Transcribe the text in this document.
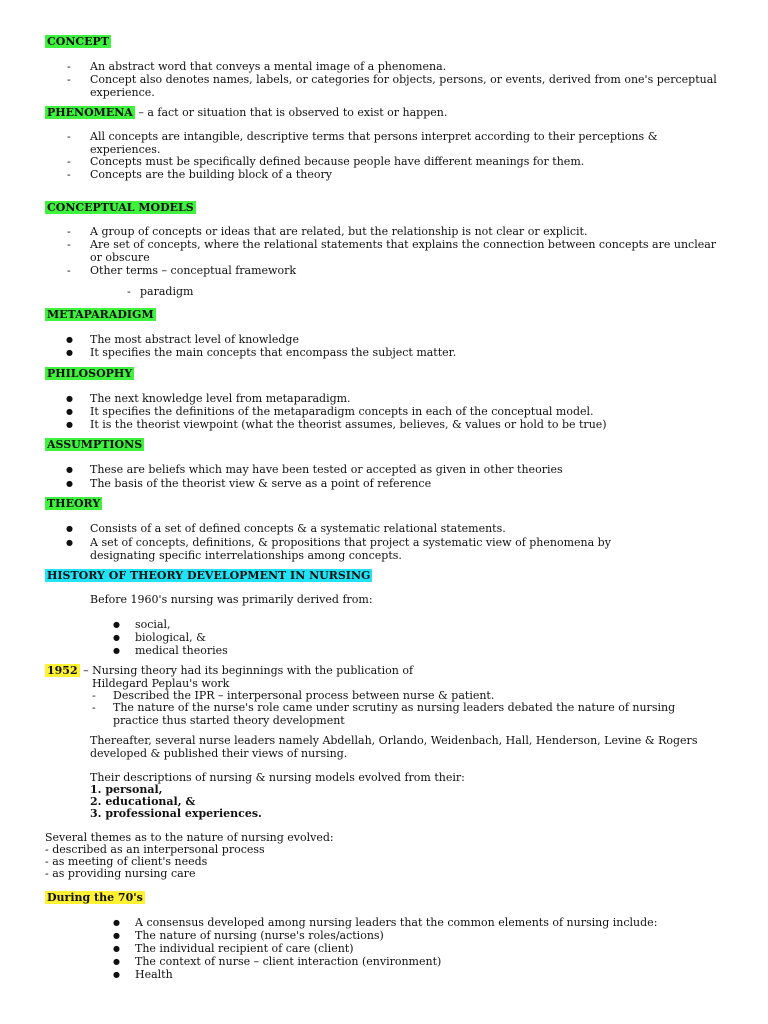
CONCEPT
- An abstract word that conveys a mental image of a phenomena.
- Concept also denotes names, labels, or categories for objects, persons, or events, derived from one's perceptual experience.
PHENOMENA – a fact or situation that is observed to exist or happen.
- All concepts are intangible, descriptive terms that persons interpret according to their perceptions & experiences.
- Concepts must be specifically defined because people have different meanings for them.
- Concepts are the building block of a theory
CONCEPTUAL MODELS
- A group of concepts or ideas that are related, but the relationship is not clear or explicit.
- Are set of concepts, where the relational statements that explains the connection between concepts are unclear or obscure
- Other terms – conceptual framework
- paradigm
METAPARADIGM
● The most abstract level of knowledge
● It specifies the main concepts that encompass the subject matter.
PHILOSOPHY
● The next knowledge level from metaparadigm.
● It specifies the definitions of the metaparadigm concepts in each of the conceptual model.
● It is the theorist viewpoint (what the theorist assumes, believes, & values or hold to be true)
ASSUMPTIONS
● These are beliefs which may have been tested or accepted as given in other theories
● The basis of the theorist view & serve as a point of reference
THEORY
● Consists of a set of defined concepts & a systematic relational statements.
● A set of concepts, definitions, & propositions that project a systematic view of phenomena by designating specific interrelationships among concepts.
HISTORY OF THEORY DEVELOPMENT IN NURSING
Before 1960's nursing was primarily derived from:
● social,
● biological, &
● medical theories
1952 – Nursing theory had its beginnings with the publication of
Hildegard Peplau's work
- Described the IPR – interpersonal process between nurse & patient.
- The nature of the nurse's role came under scrutiny as nursing leaders debated the nature of nursing practice thus started theory development
Thereafter, several nurse leaders namely Abdellah, Orlando, Weidenbach, Hall, Henderson, Levine & Rogers developed & published their views of nursing.
Their descriptions of nursing & nursing models evolved from their:
1. personal,
2. educational, &
3. professional experiences.
Several themes as to the nature of nursing evolved:
- described as an interpersonal process
- as meeting of client's needs
- as providing nursing care
During the 70's
● A consensus developed among nursing leaders that the common elements of nursing include:
● The nature of nursing (nurse's roles/actions)
● The individual recipient of care (client)
● The context of nurse – client interaction (environment)
● Health
